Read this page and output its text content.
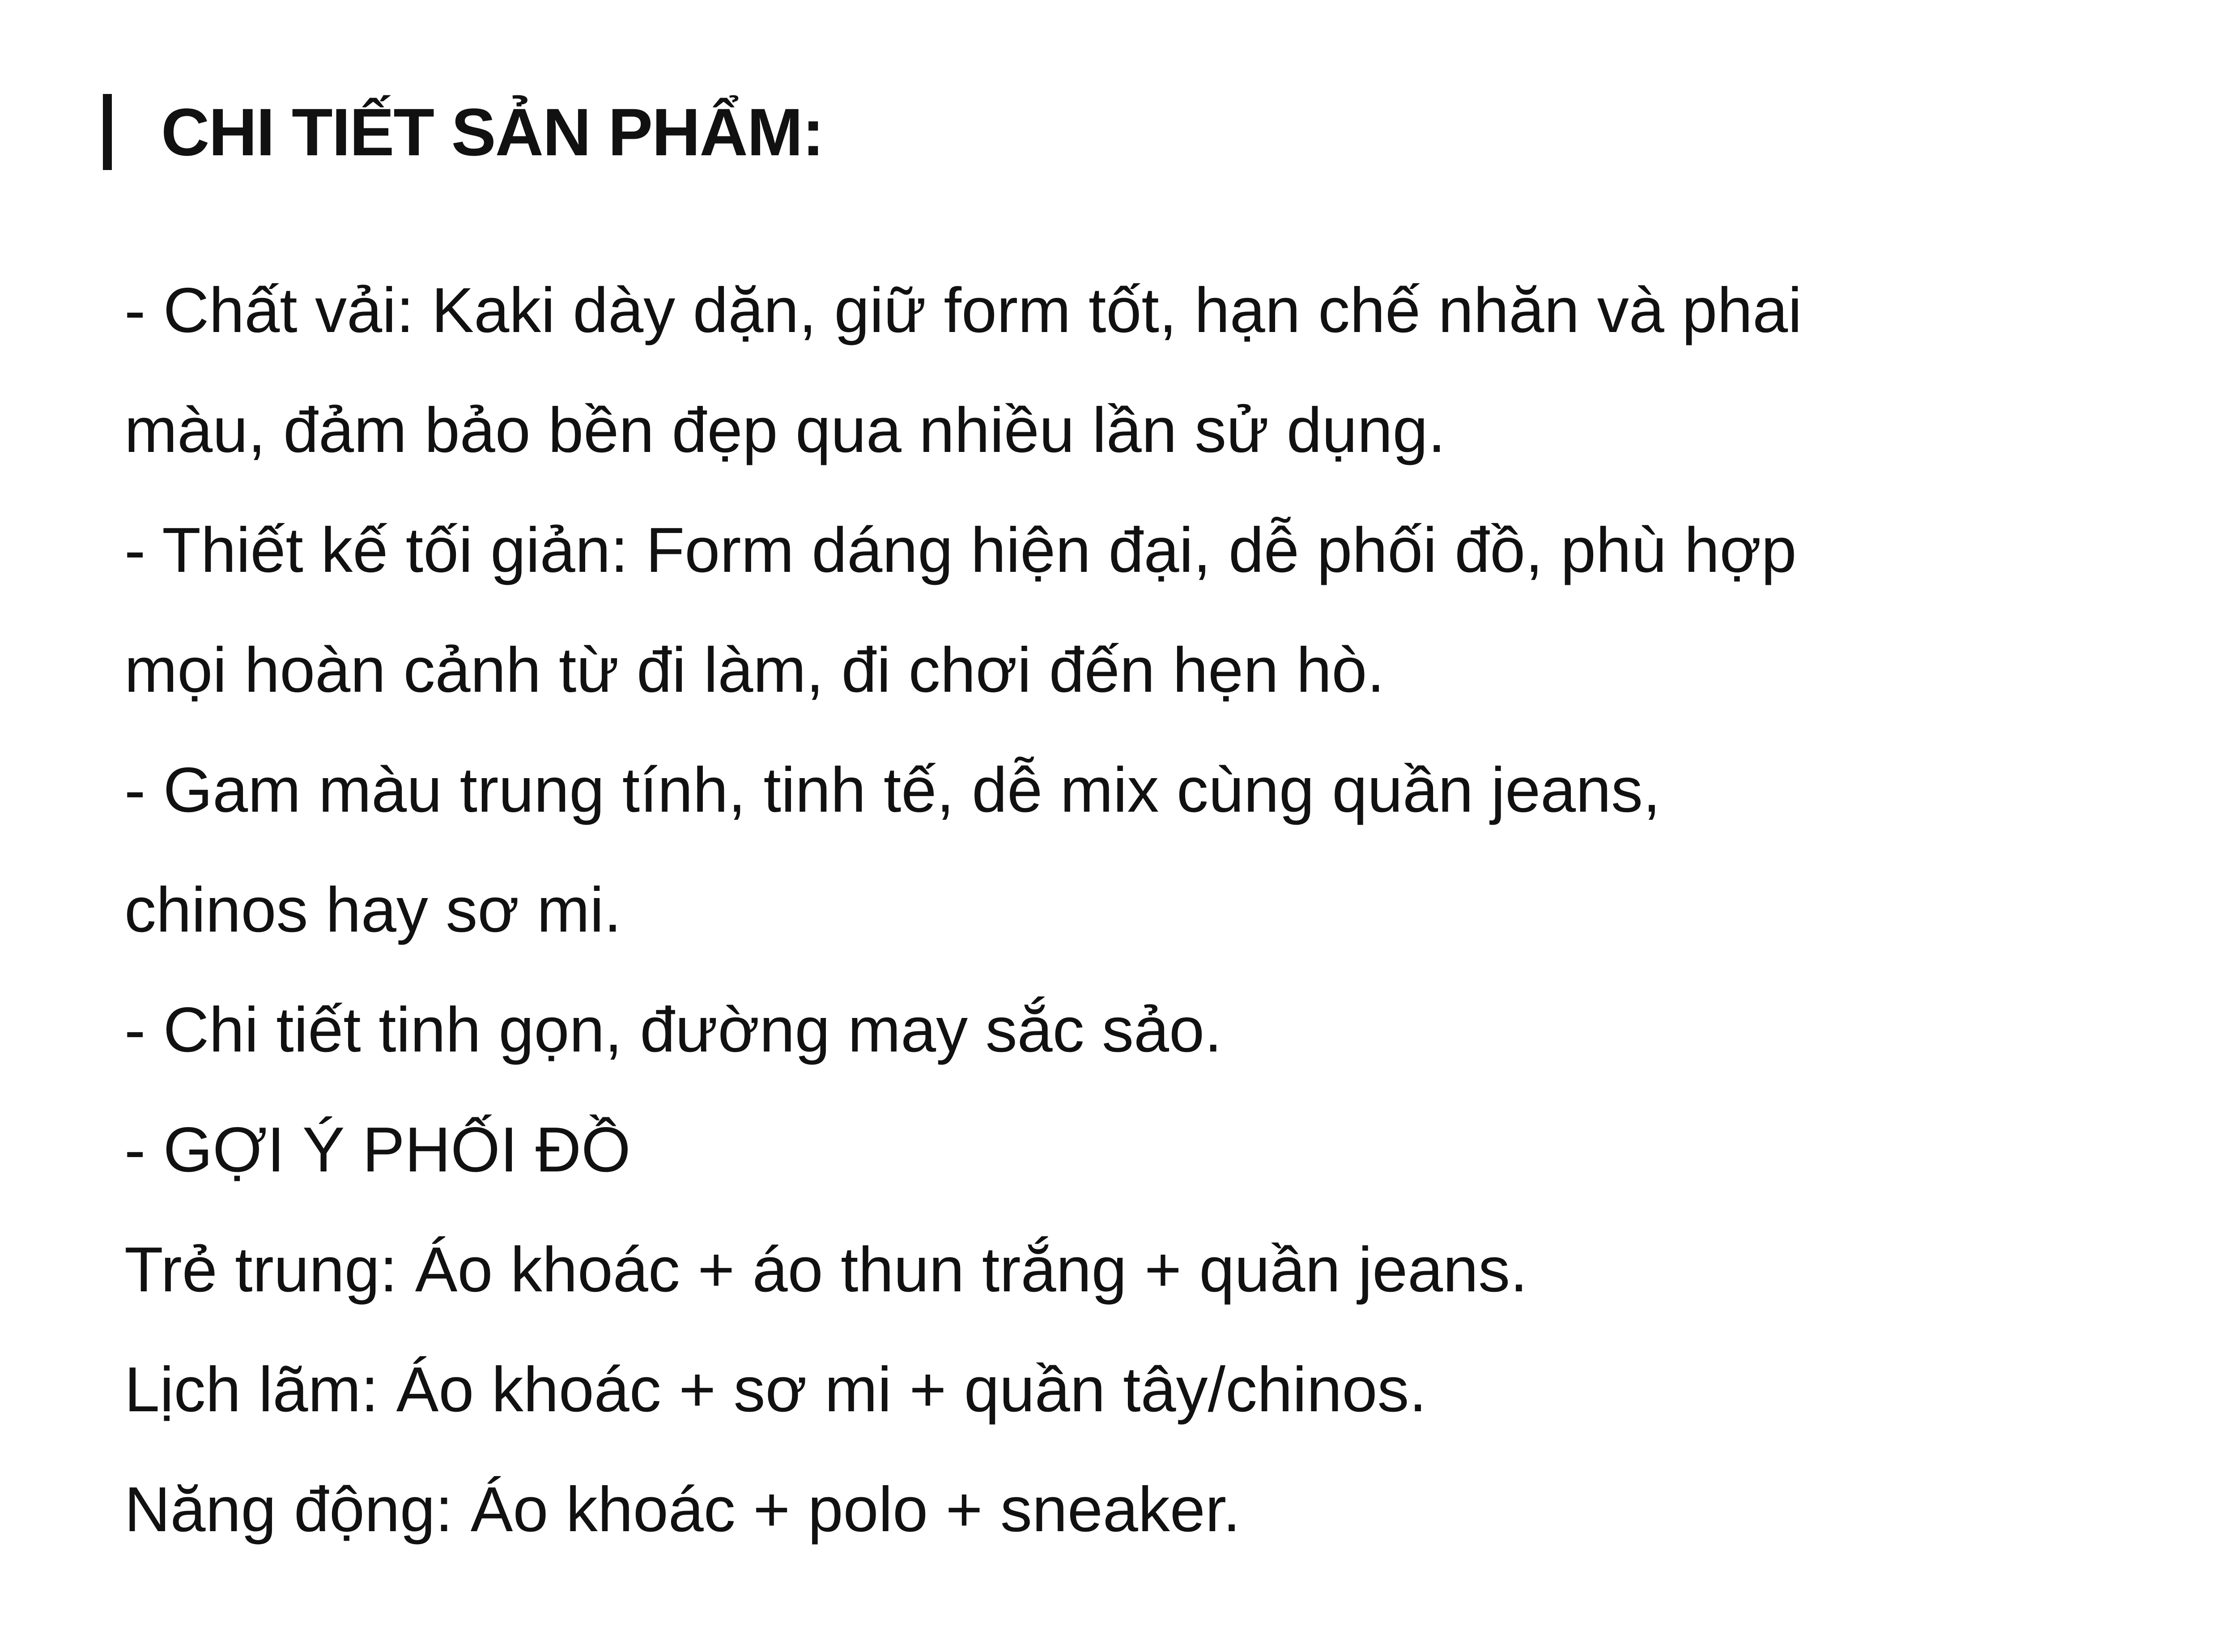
CHI TIẾT SẢN PHẨM:
- Chất vải: Kaki dày dặn, giữ form tốt, hạn chế nhăn và phai
màu, đảm bảo bền đẹp qua nhiều lần sử dụng.
- Thiết kế tối giản: Form dáng hiện đại, dễ phối đồ, phù hợp
mọi hoàn cảnh từ đi làm, đi chơi đến hẹn hò.
- Gam màu trung tính, tinh tế, dễ mix cùng quần jeans,
chinos hay sơ mi.
- Chi tiết tinh gọn, đường may sắc sảo.
- GỢI Ý PHỐI ĐỒ
Trẻ trung: Áo khoác + áo thun trắng + quần jeans.
Lịch lãm: Áo khoác + sơ mi + quần tây/chinos.
Năng động: Áo khoác + polo + sneaker.
